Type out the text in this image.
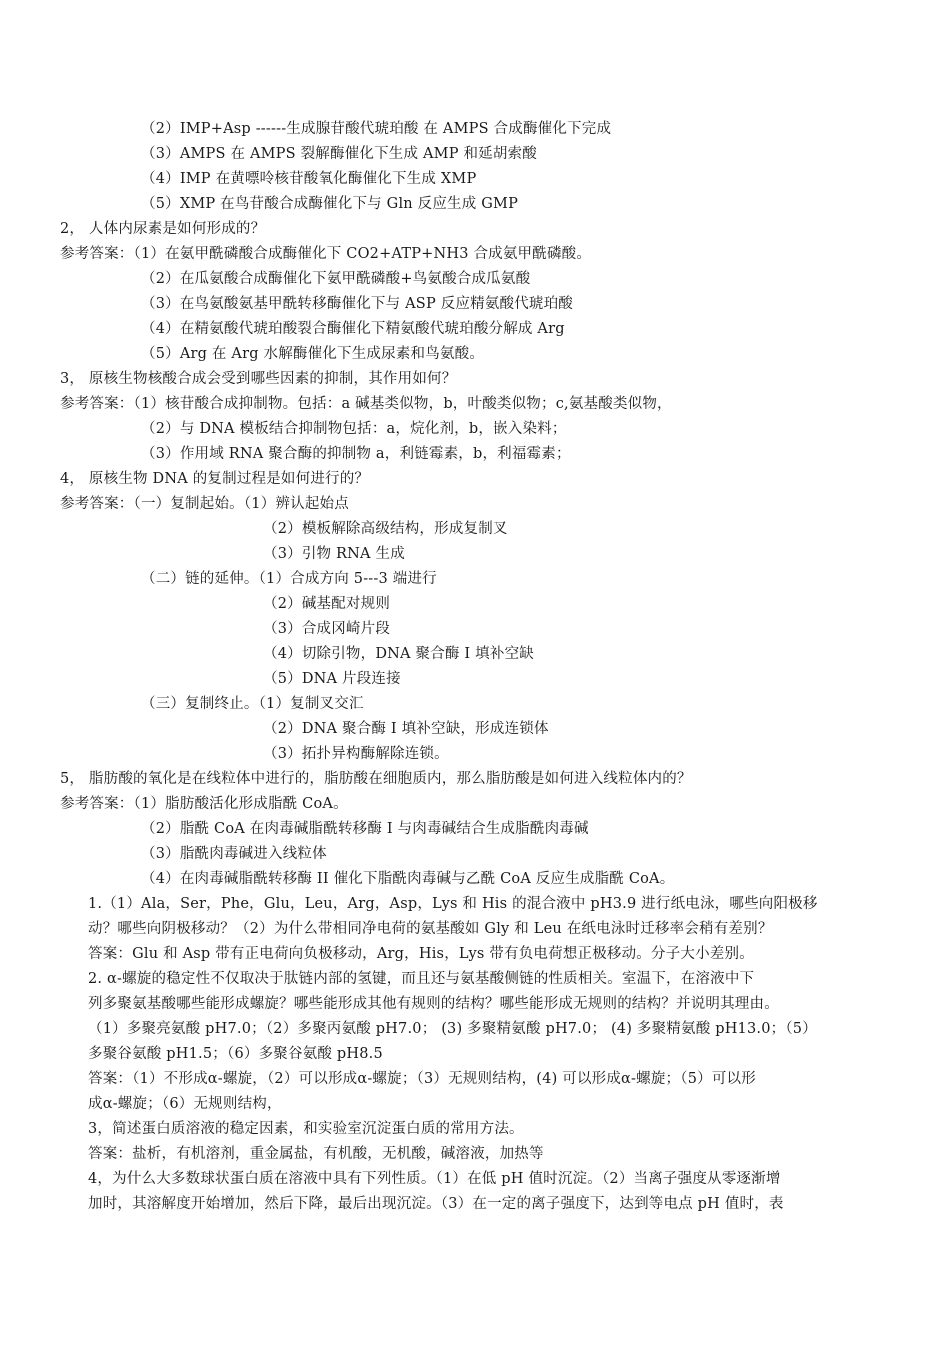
（2）IMP+Asp ------生成腺苷酸代琥珀酸 在 AMPS 合成酶催化下完成
（3）AMPS 在 AMPS 裂解酶催化下生成 AMP 和延胡索酸
（4）IMP 在黄嘌呤核苷酸氧化酶催化下生成 XMP
（5）XMP 在鸟苷酸合成酶催化下与 Gln 反应生成 GMP
2， 人体内尿素是如何形成的？
参考答案：（1）在氨甲酰磷酸合成酶催化下 CO2+ATP+NH3 合成氨甲酰磷酸。
（2）在瓜氨酸合成酶催化下氨甲酰磷酸+鸟氨酸合成瓜氨酸
（3）在鸟氨酸氨基甲酰转移酶催化下与 ASP 反应精氨酸代琥珀酸
（4）在精氨酸代琥珀酸裂合酶催化下精氨酸代琥珀酸分解成 Arg
（5）Arg 在 Arg 水解酶催化下生成尿素和鸟氨酸。
3， 原核生物核酸合成会受到哪些因素的抑制，其作用如何？
参考答案：（1）核苷酸合成抑制物。包括：a 碱基类似物，b，叶酸类似物；c,氨基酸类似物，
（2）与 DNA 模板结合抑制物包括：a，烷化剂，b，嵌入染料；
（3）作用域 RNA 聚合酶的抑制物 a，利链霉素，b，利福霉素；
4， 原核生物 DNA 的复制过程是如何进行的？
参考答案：（一）复制起始。（1）辨认起始点
（2）模板解除高级结构，形成复制叉
（3）引物 RNA 生成
（二）链的延伸。（1）合成方向 5---3 端进行
（2）碱基配对规则
（3）合成冈崎片段
（4）切除引物，DNA 聚合酶 I 填补空缺
（5）DNA 片段连接
（三）复制终止。（1）复制叉交汇
（2）DNA 聚合酶 I 填补空缺，形成连锁体
（3）拓扑异构酶解除连锁。
5， 脂肪酸的氧化是在线粒体中进行的，脂肪酸在细胞质内，那么脂肪酸是如何进入线粒体内的？
参考答案：（1）脂肪酸活化形成脂酰 CoA。
（2）脂酰 CoA 在肉毒碱脂酰转移酶 I 与肉毒碱结合生成脂酰肉毒碱
（3）脂酰肉毒碱进入线粒体
（4）在肉毒碱脂酰转移酶 II 催化下脂酰肉毒碱与乙酰 CoA 反应生成脂酰 CoA。
1.（1）Ala，Ser，Phe，Glu，Leu，Arg，Asp，Lys 和 His 的混合液中 pH3.9 进行纸电泳，哪些向阳极移
动？哪些向阴极移动？（2）为什么带相同净电荷的氨基酸如 Gly 和 Leu 在纸电泳时迁移率会稍有差别？
答案：Glu 和 Asp 带有正电荷向负极移动，Arg，His，Lys 带有负电荷想正极移动。分子大小差别。
2. α-螺旋的稳定性不仅取决于肽链内部的氢键，而且还与氨基酸侧链的性质相关。室温下，在溶液中下
列多聚氨基酸哪些能形成螺旋？哪些能形成其他有规则的结构？哪些能形成无规则的结构？并说明其理由。
（1）多聚亮氨酸 pH7.0；（2）多聚丙氨酸 pH7.0； (3) 多聚精氨酸 pH7.0； (4) 多聚精氨酸 pH13.0；（5）
多聚谷氨酸 pH1.5；（6）多聚谷氨酸 pH8.5
答案：（1）不形成α-螺旋，（2）可以形成α-螺旋；（3）无规则结构，(4) 可以形成α-螺旋；（5）可以形
成α-螺旋；（6）无规则结构，
3，简述蛋白质溶液的稳定因素，和实验室沉淀蛋白质的常用方法。
答案：盐析，有机溶剂，重金属盐，有机酸，无机酸，碱溶液，加热等
4，为什么大多数球状蛋白质在溶液中具有下列性质。（1）在低 pH 值时沉淀。（2）当离子强度从零逐渐增
加时，其溶解度开始增加，然后下降，最后出现沉淀。（3）在一定的离子强度下，达到等电点 pH 值时，表
